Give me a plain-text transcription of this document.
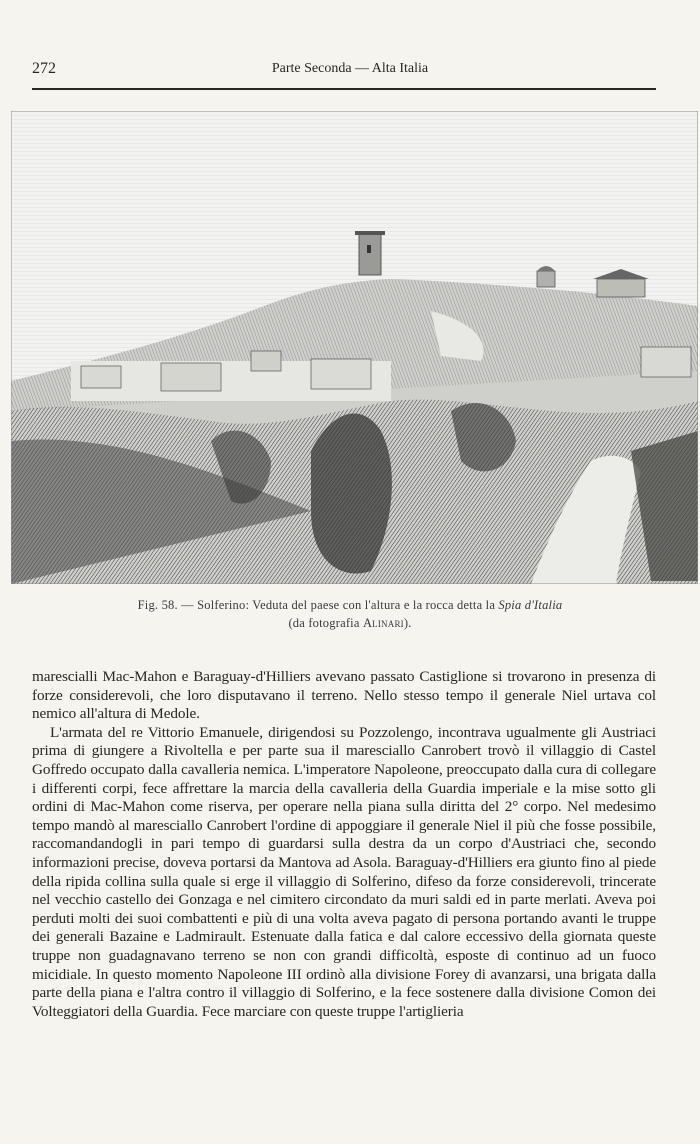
272	Parte Seconda — Alta Italia
Fig. 58. — Solferino: Veduta del paese con l'altura e la rocca detta la Spia d'Italia
(da fotografia Alinari).

marescialli Mac-Mahon e Baraguay-d'Hilliers avevano passato Castiglione si trovarono in presenza di forze considerevoli, che loro disputavano il terreno. Nello stesso tempo il generale Niel urtava col nemico all'altura di Medole.

L'armata del re Vittorio Emanuele, dirigendosi su Pozzolengo, incontrava ugualmente gli Austriaci prima di giungere a Rivoltella e per parte sua il maresciallo Canrobert trovò il villaggio di Castel Goffredo occupato dalla cavalleria nemica. L'imperatore Napoleone, preoccupato dalla cura di collegare i differenti corpi, fece affrettare la marcia della cavalleria della Guardia imperiale e la mise sotto gli ordini di Mac-Mahon come riserva, per operare nella piana sulla diritta del 2° corpo. Nel medesimo tempo mandò al maresciallo Canrobert l'ordine di appoggiare il generale Niel il più che fosse possibile, raccomandandogli in pari tempo di guardarsi sulla destra da un corpo d'Austriaci che, secondo informazioni precise, doveva portarsi da Mantova ad Asola. Baraguay-d'Hilliers era giunto fino al piede della ripida collina sulla quale si erge il villaggio di Solferino, difeso da forze considerevoli, trincerate nel vecchio castello dei Gonzaga e nel cimitero circondato da muri saldi ed in parte merlati. Aveva poi perduti molti dei suoi combattenti e più di una volta aveva pagato di persona portando avanti le truppe dei generali Bazaine e Ladmirault. Estenuate dalla fatica e dal calore eccessivo della giornata queste truppe non guadagnavano terreno se non con grandi difficoltà, esposte di continuo ad un fuoco micidiale. In questo momento Napoleone III ordinò alla divisione Forey di avanzarsi, una brigata dalla parte della piana e l'altra contro il villaggio di Solferino, e la fece sostenere dalla divisione Comon dei Volteggiatori della Guardia. Fece marciare con queste truppe l'artiglieria
